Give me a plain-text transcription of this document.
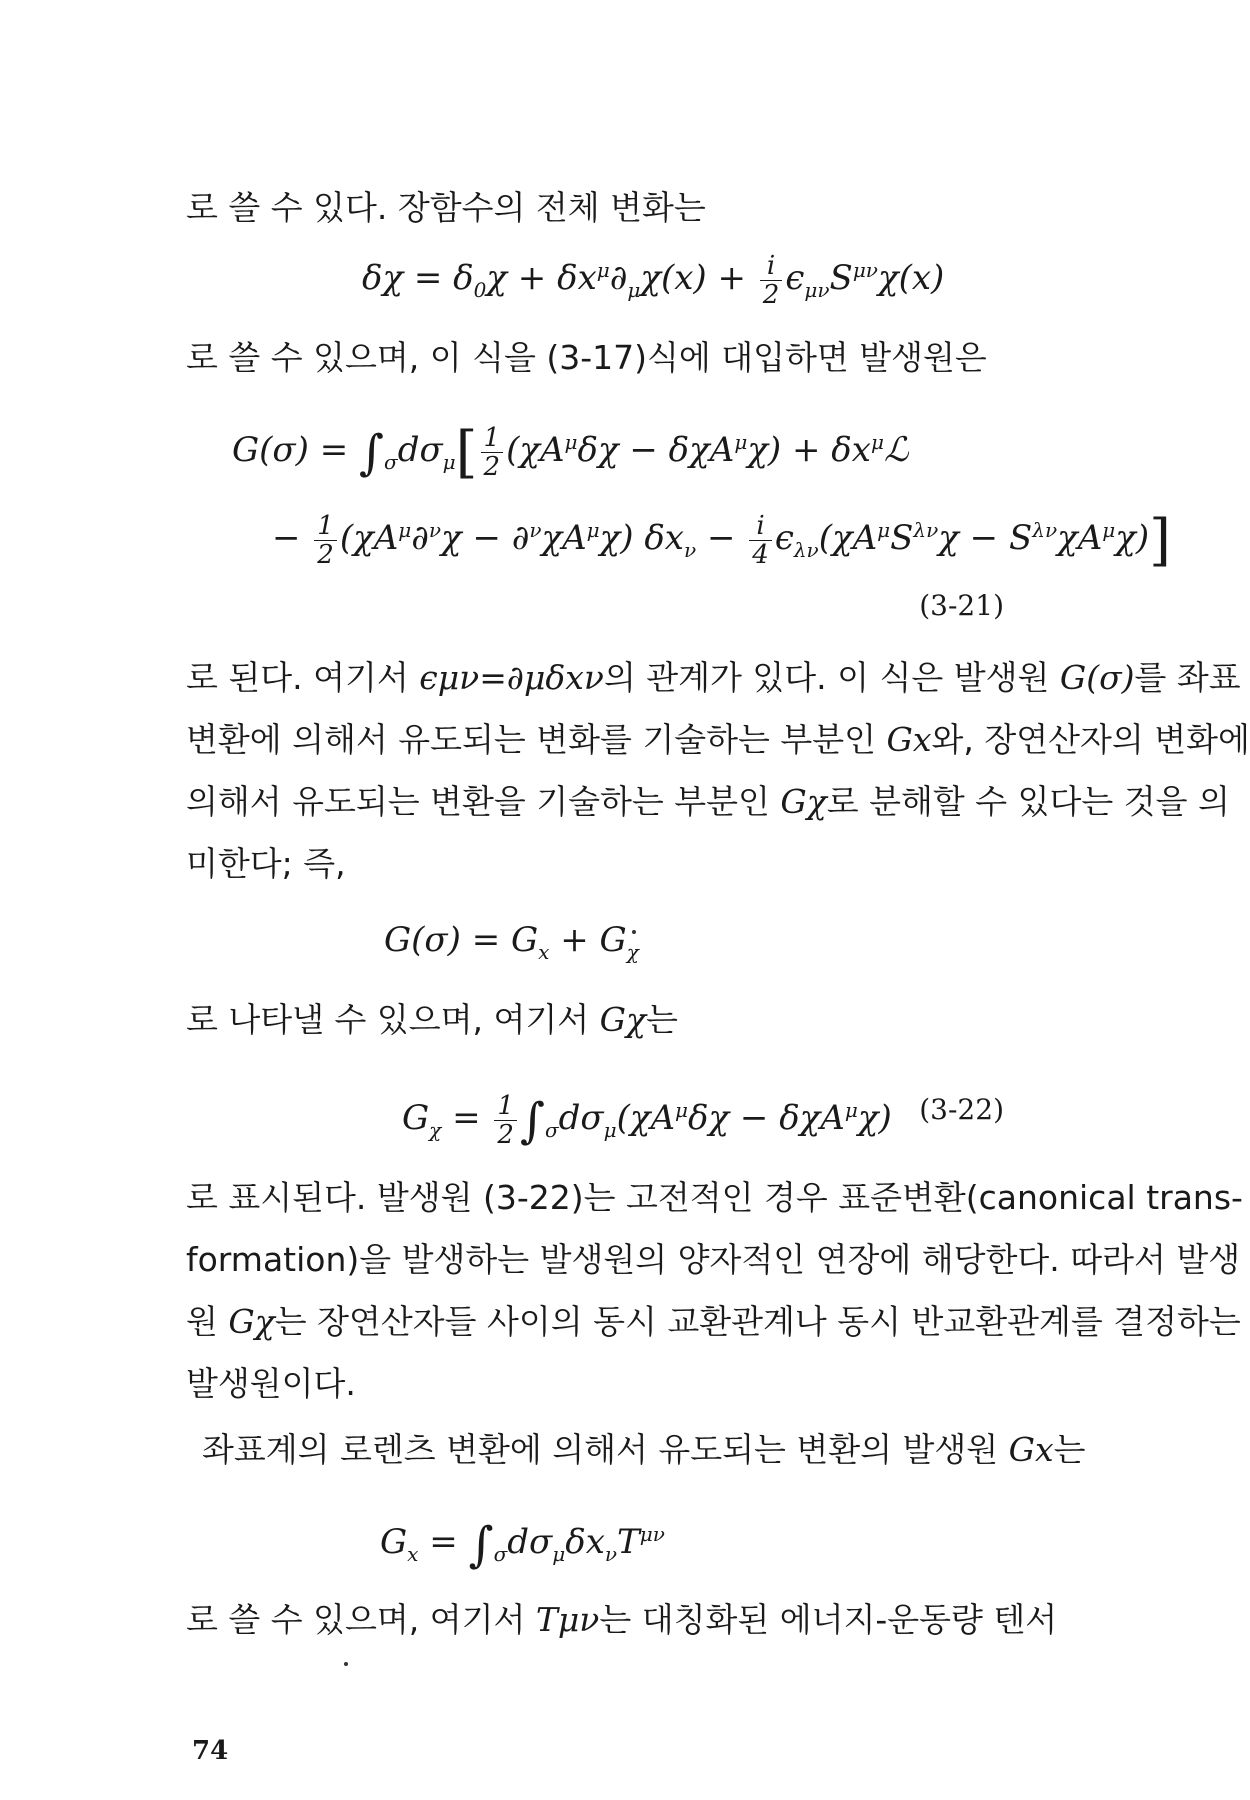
로 쓸 수 있다. 장함수의 전체 변화는
$\delta\chi = \delta_0\chi + \delta x^\mu\partial_\mu\chi(x) + \frac{i}{2} \epsilon_{\mu\nu}S^{\mu\nu}\chi(x)$
로 쓸 수 있으며, 이 식을 (3-17)식에 대입하면 발생원은
$G(\sigma) = \int_\sigma d\sigma_\mu[ \frac{1}{2} (\chi A^\mu\delta\chi - \delta\chi A^\mu\chi)$ + $\delta x^\mu ℒ$
− $\frac{1}{2} (\chi A^\mu\partial^\nu\chi - \partial^\nu\chi A^\mu\chi) \delta x_\nu - \frac{i}{4} \epsilon_{\lambda\nu}(\chi A^\mu S^{\lambda\nu}\chi - S^{\lambda\nu}\chi A^\mu\chi)$]
(3-21)
로 된다. 여기서 ϵμν=∂μδxν의 관계가 있다. 이 식은 발생원 G(σ)를 좌표
변환에 의해서 유도되는 변화를 기술하는 부분인 Gx와, 장연산자의 변화에
의해서 유도되는 변환을 기술하는 부분인 Gχ로 분해할 수 있다는 것을 의
미한다; 즉,
$G(\sigma) = G_x + G_\chi$
로 나타낼 수 있으며, 여기서 Gχ는
$G_\chi = \frac{1}{2} \int_\sigma d\sigma_\mu(\chi A^\mu\delta\chi - \delta\chi A^\mu\chi)$ (3-22)
로 표시된다. 발생원 (3-22)는 고전적인 경우 표준변환(canonical trans-
formation)을 발생하는 발생원의 양자적인 연장에 해당한다. 따라서 발생
원 Gχ는 장연산자들 사이의 동시 교환관계나 동시 반교환관계를 결정하는
발생원이다.
좌표계의 로렌츠 변환에 의해서 유도되는 변환의 발생원 Gx는
$G_x = \int_\sigma d\sigma_\mu\delta x_\nu T^{\mu\nu}$
로 쓸 수 있으며, 여기서 Tμν는 대칭화된 에너지-운동량 텐서
74
